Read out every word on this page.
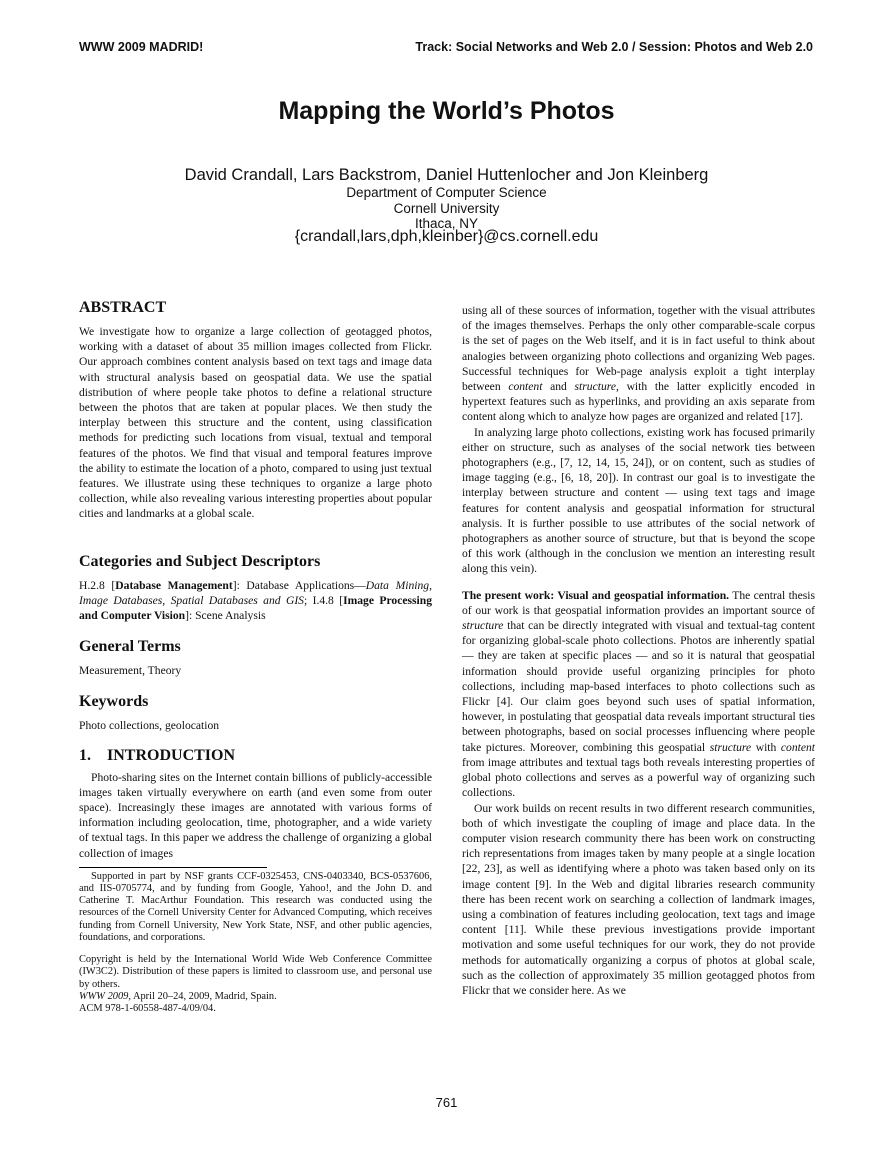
WWW 2009 MADRID!	Track: Social Networks and Web 2.0 / Session: Photos and Web 2.0
Mapping the World’s Photos
David Crandall, Lars Backstrom, Daniel Huttenlocher and Jon Kleinberg
Department of Computer Science
Cornell University
Ithaca, NY
{crandall,lars,dph,kleinber}@cs.cornell.edu
ABSTRACT

We investigate how to organize a large collection of geotagged photos, working with a dataset of about 35 million images collected from Flickr. Our approach combines content analysis based on text tags and image data with structural analysis based on geospatial data. We use the spatial distribution of where people take photos to define a relational structure between the photos that are taken at popular places. We then study the interplay between this structure and the content, using classification methods for predicting such locations from visual, textual and temporal features of the photos. We find that visual and temporal features improve the ability to estimate the location of a photo, compared to using just textual features. We illustrate using these techniques to organize a large photo collection, while also revealing various interesting properties about popular cities and landmarks at a global scale.

Categories and Subject Descriptors

H.2.8 [Database Management]: Database Applications—Data Mining, Image Databases, Spatial Databases and GIS; I.4.8 [Image Processing and Computer Vision]: Scene Analysis

General Terms

Measurement, Theory

Keywords

Photo collections, geolocation

1.    INTRODUCTION

Photo-sharing sites on the Internet contain billions of publicly-accessible images taken virtually everywhere on earth (and even some from outer space). Increasingly these images are annotated with various forms of information including geolocation, time, photographer, and a wide variety of textual tags. In this paper we address the challenge of organizing a global collection of images

Supported in part by NSF grants CCF-0325453, CNS-0403340, BCS-0537606, and IIS-0705774, and by funding from Google, Yahoo!, and the John D. and Catherine T. MacArthur Foundation. This research was conducted using the resources of the Cornell University Center for Advanced Computing, which receives funding from Cornell University, New York State, NSF, and other public agencies, foundations, and corporations.

Copyright is held by the International World Wide Web Conference Committee (IW3C2). Distribution of these papers is limited to classroom use, and personal use by others.

WWW 2009, April 20–24, 2009, Madrid, Spain.

ACM 978-1-60558-487-4/09/04.

using all of these sources of information, together with the visual attributes of the images themselves. Perhaps the only other comparable-scale corpus is the set of pages on the Web itself, and it is in fact useful to think about analogies between organizing photo collections and organizing Web pages. Successful techniques for Web-page analysis exploit a tight interplay between content and structure, with the latter explicitly encoded in hypertext features such as hyperlinks, and providing an axis separate from content along which to analyze how pages are organized and related [17].

In analyzing large photo collections, existing work has focused primarily either on structure, such as analyses of the social network ties between photographers (e.g., [7, 12, 14, 15, 24]), or on content, such as studies of image tagging (e.g., [6, 18, 20]). In contrast our goal is to investigate the interplay between structure and content — using text tags and image features for content analysis and geospatial information for structural analysis. It is further possible to use attributes of the social network of photographers as another source of structure, but that is beyond the scope of this work (although in the conclusion we mention an interesting result along this vein).

The present work: Visual and geospatial information. The central thesis of our work is that geospatial information provides an important source of structure that can be directly integrated with visual and textual-tag content for organizing global-scale photo collections. Photos are inherently spatial — they are taken at specific places — and so it is natural that geospatial information should provide useful organizing principles for photo collections, including map-based interfaces to photo collections such as Flickr [4]. Our claim goes beyond such uses of spatial information, however, in postulating that geospatial data reveals important structural ties between photographs, based on social processes influencing where people take pictures. Moreover, combining this geospatial structure with content from image attributes and textual tags both reveals interesting properties of global photo collections and serves as a powerful way of organizing such collections.

Our work builds on recent results in two different research communities, both of which investigate the coupling of image and place data. In the computer vision research community there has been work on constructing rich representations from images taken by many people at a single location [22, 23], as well as identifying where a photo was taken based only on its image content [9]. In the Web and digital libraries research community there has been recent work on searching a collection of landmark images, using a combination of features including geolocation, text tags and image content [11]. While these previous investigations provide important motivation and some useful techniques for our work, they do not provide methods for automatically organizing a corpus of photos at global scale, such as the collection of approximately 35 million geotagged photos from Flickr that we consider here. As we

761
